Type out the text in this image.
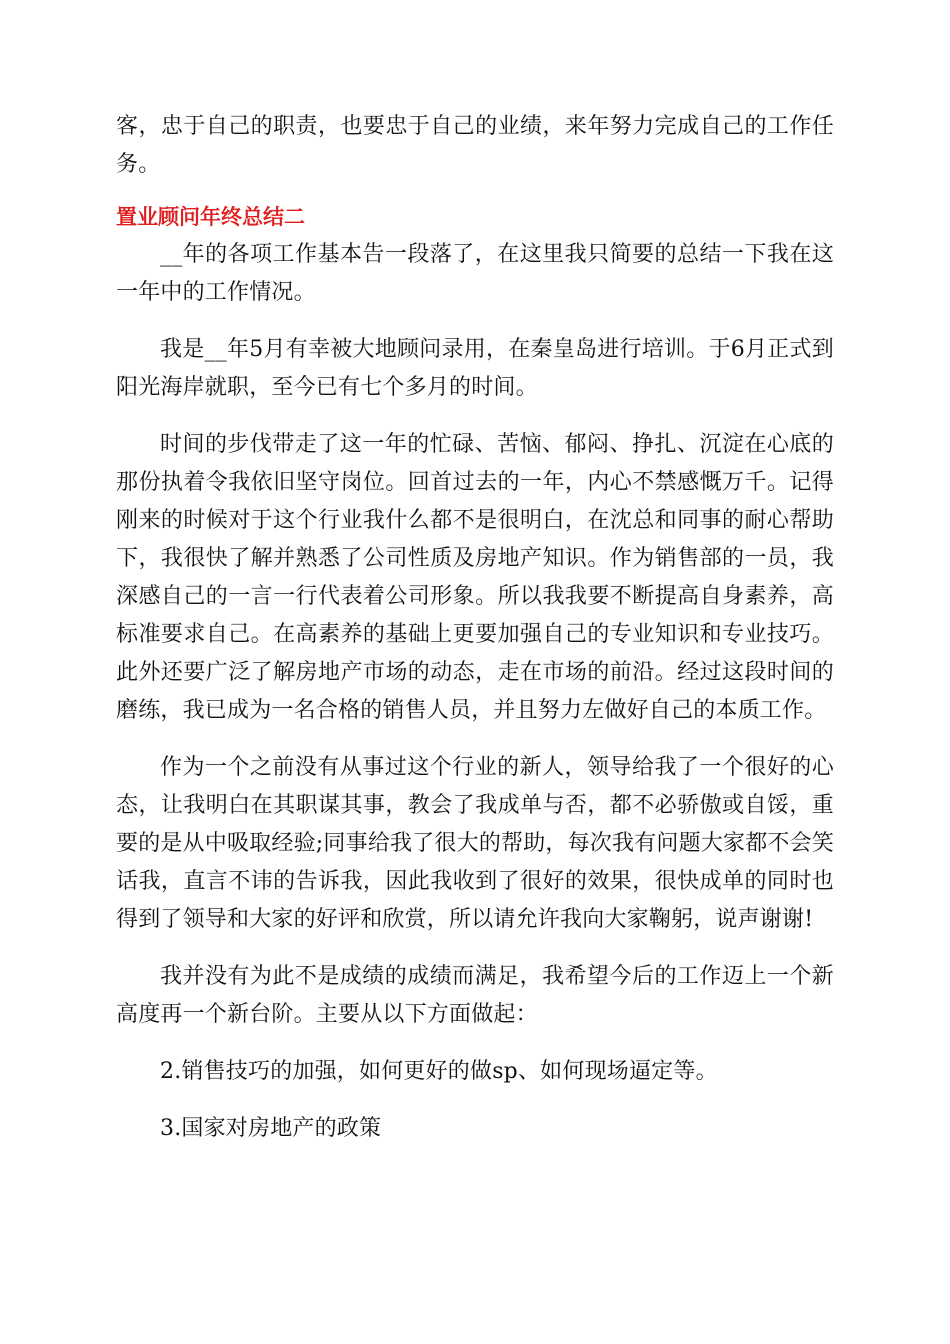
客，忠于自己的职责，也要忠于自己的业绩，来年努力完成自己的工作任务。

置业顾问年终总结二

__年的各项工作基本告一段落了，在这里我只简要的总结一下我在这一年中的工作情况。

我是__年5月有幸被大地顾问录用，在秦皇岛进行培训。于6月正式到阳光海岸就职，至今已有七个多月的时间。

时间的步伐带走了这一年的忙碌、苦恼、郁闷、挣扎、沉淀在心底的那份执着令我依旧坚守岗位。回首过去的一年，内心不禁感慨万千。记得刚来的时候对于这个行业我什么都不是很明白，在沈总和同事的耐心帮助下，我很快了解并熟悉了公司性质及房地产知识。作为销售部的一员，我深感自己的一言一行代表着公司形象。所以我我要不断提高自身素养，高标准要求自己。在高素养的基础上更要加强自己的专业知识和专业技巧。此外还要广泛了解房地产市场的动态，走在市场的前沿。经过这段时间的磨练，我已成为一名合格的销售人员，并且努力左做好自己的本质工作。

作为一个之前没有从事过这个行业的新人，领导给我了一个很好的心态，让我明白在其职谋其事，教会了我成单与否，都不必骄傲或自馁，重要的是从中吸取经验;同事给我了很大的帮助，每次我有问题大家都不会笑话我，直言不讳的告诉我，因此我收到了很好的效果，很快成单的同时也得到了领导和大家的好评和欣赏，所以请允许我向大家鞠躬，说声谢谢!

我并没有为此不是成绩的成绩而满足，我希望今后的工作迈上一个新高度再一个新台阶。主要从以下方面做起：

2.销售技巧的加强，如何更好的做sp、如何现场逼定等。

3.国家对房地产的政策
